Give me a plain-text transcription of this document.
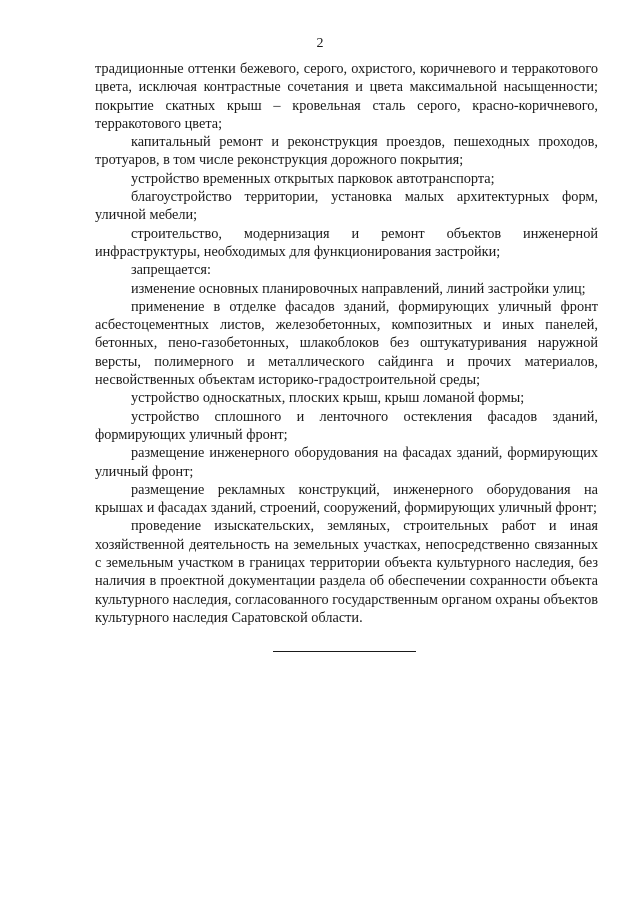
2

традиционные оттенки бежевого, серого, охристого, коричневого и терракотового цвета, исключая контрастные сочетания и цвета максимальной насыщенности; покрытие скатных крыш – кровельная сталь серого, красно-коричневого, терракотового цвета;

капитальный ремонт и реконструкция проездов, пешеходных проходов, тротуаров, в том числе реконструкция дорожного покрытия;

устройство временных открытых парковок автотранспорта;

благоустройство территории, установка малых архитектурных форм, уличной мебели;

строительство, модернизация и ремонт объектов инженерной инфраструктуры, необходимых для функционирования застройки;

запрещается:

изменение основных планировочных направлений, линий застройки улиц;

применение в отделке фасадов зданий, формирующих уличный фронт асбестоцементных листов, железобетонных, композитных и иных панелей, бетонных, пено-газобетонных, шлакоблоков без оштукатуривания наружной версты, полимерного и металлического сайдинга и прочих материалов, несвойственных объектам историко-градостроительной среды;

устройство односкатных, плоских крыш, крыш ломаной формы;

устройство сплошного и ленточного остекления фасадов зданий, формирующих уличный фронт;

размещение инженерного оборудования на фасадах зданий, формирующих уличный фронт;

размещение рекламных конструкций, инженерного оборудования на крышах и фасадах зданий, строений, сооружений, формирующих уличный фронт;

проведение изыскательских, земляных, строительных работ и иная хозяйственной деятельность на земельных участках, непосредственно связанных с земельным участком в границах территории объекта культурного наследия, без наличия в проектной документации раздела об обеспечении сохранности объекта культурного наследия, согласованного государственным органом охраны объектов культурного наследия Саратовской области.
